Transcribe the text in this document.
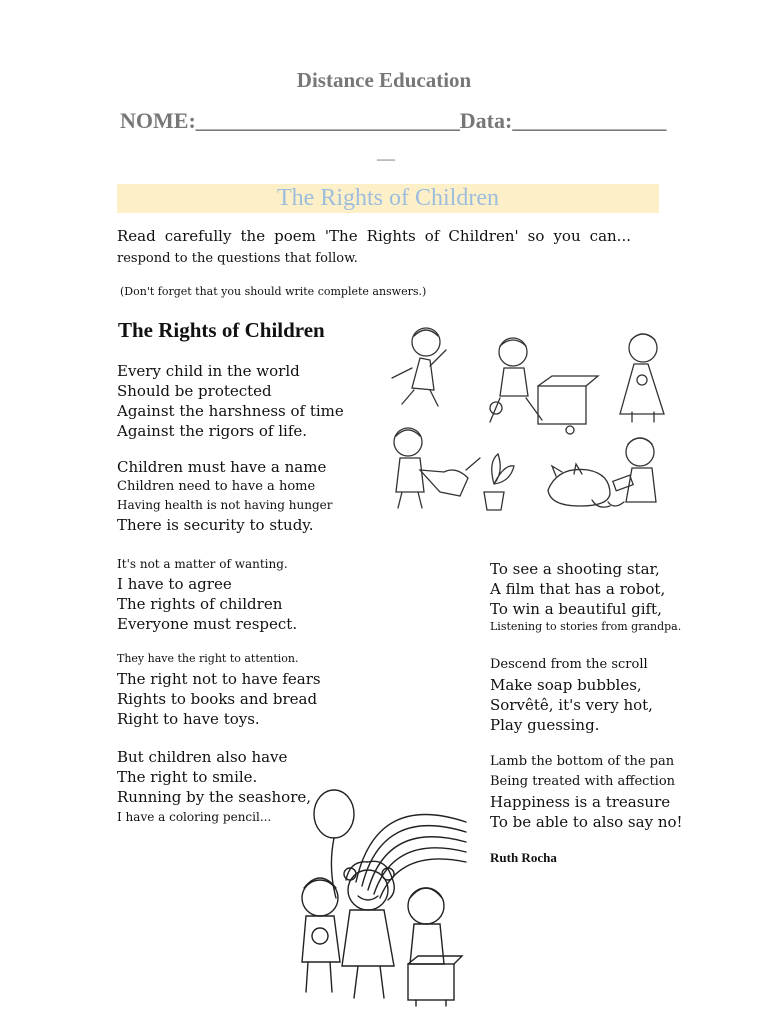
Distance Education
NOME:________________________Data:______________
__
The Rights of Children
Read carefully the poem 'The Rights of Children' so you can...
respond to the questions that follow.
(Don't forget that you should write complete answers.)
The Rights of Children
Every child in the world
Should be protected
Against the harshness of time
Against the rigors of life.
Children must have a name
Children need to have a home
Having health is not having hunger
There is security to study.
It's not a matter of wanting.
I have to agree
The rights of children
Everyone must respect.
They have the right to attention.
The right not to have fears
Rights to books and bread
Right to have toys.
But children also have
The right to smile.
Running by the seashore,
I have a coloring pencil...
To see a shooting star,
A film that has a robot,
To win a beautiful gift,
Listening to stories from grandpa.
Descend from the scroll
Make soap bubbles,
Sorvêtê, it's very hot,
Play guessing.
Lamb the bottom of the pan
Being treated with affection
Happiness is a treasure
To be able to also say no!
Ruth Rocha
